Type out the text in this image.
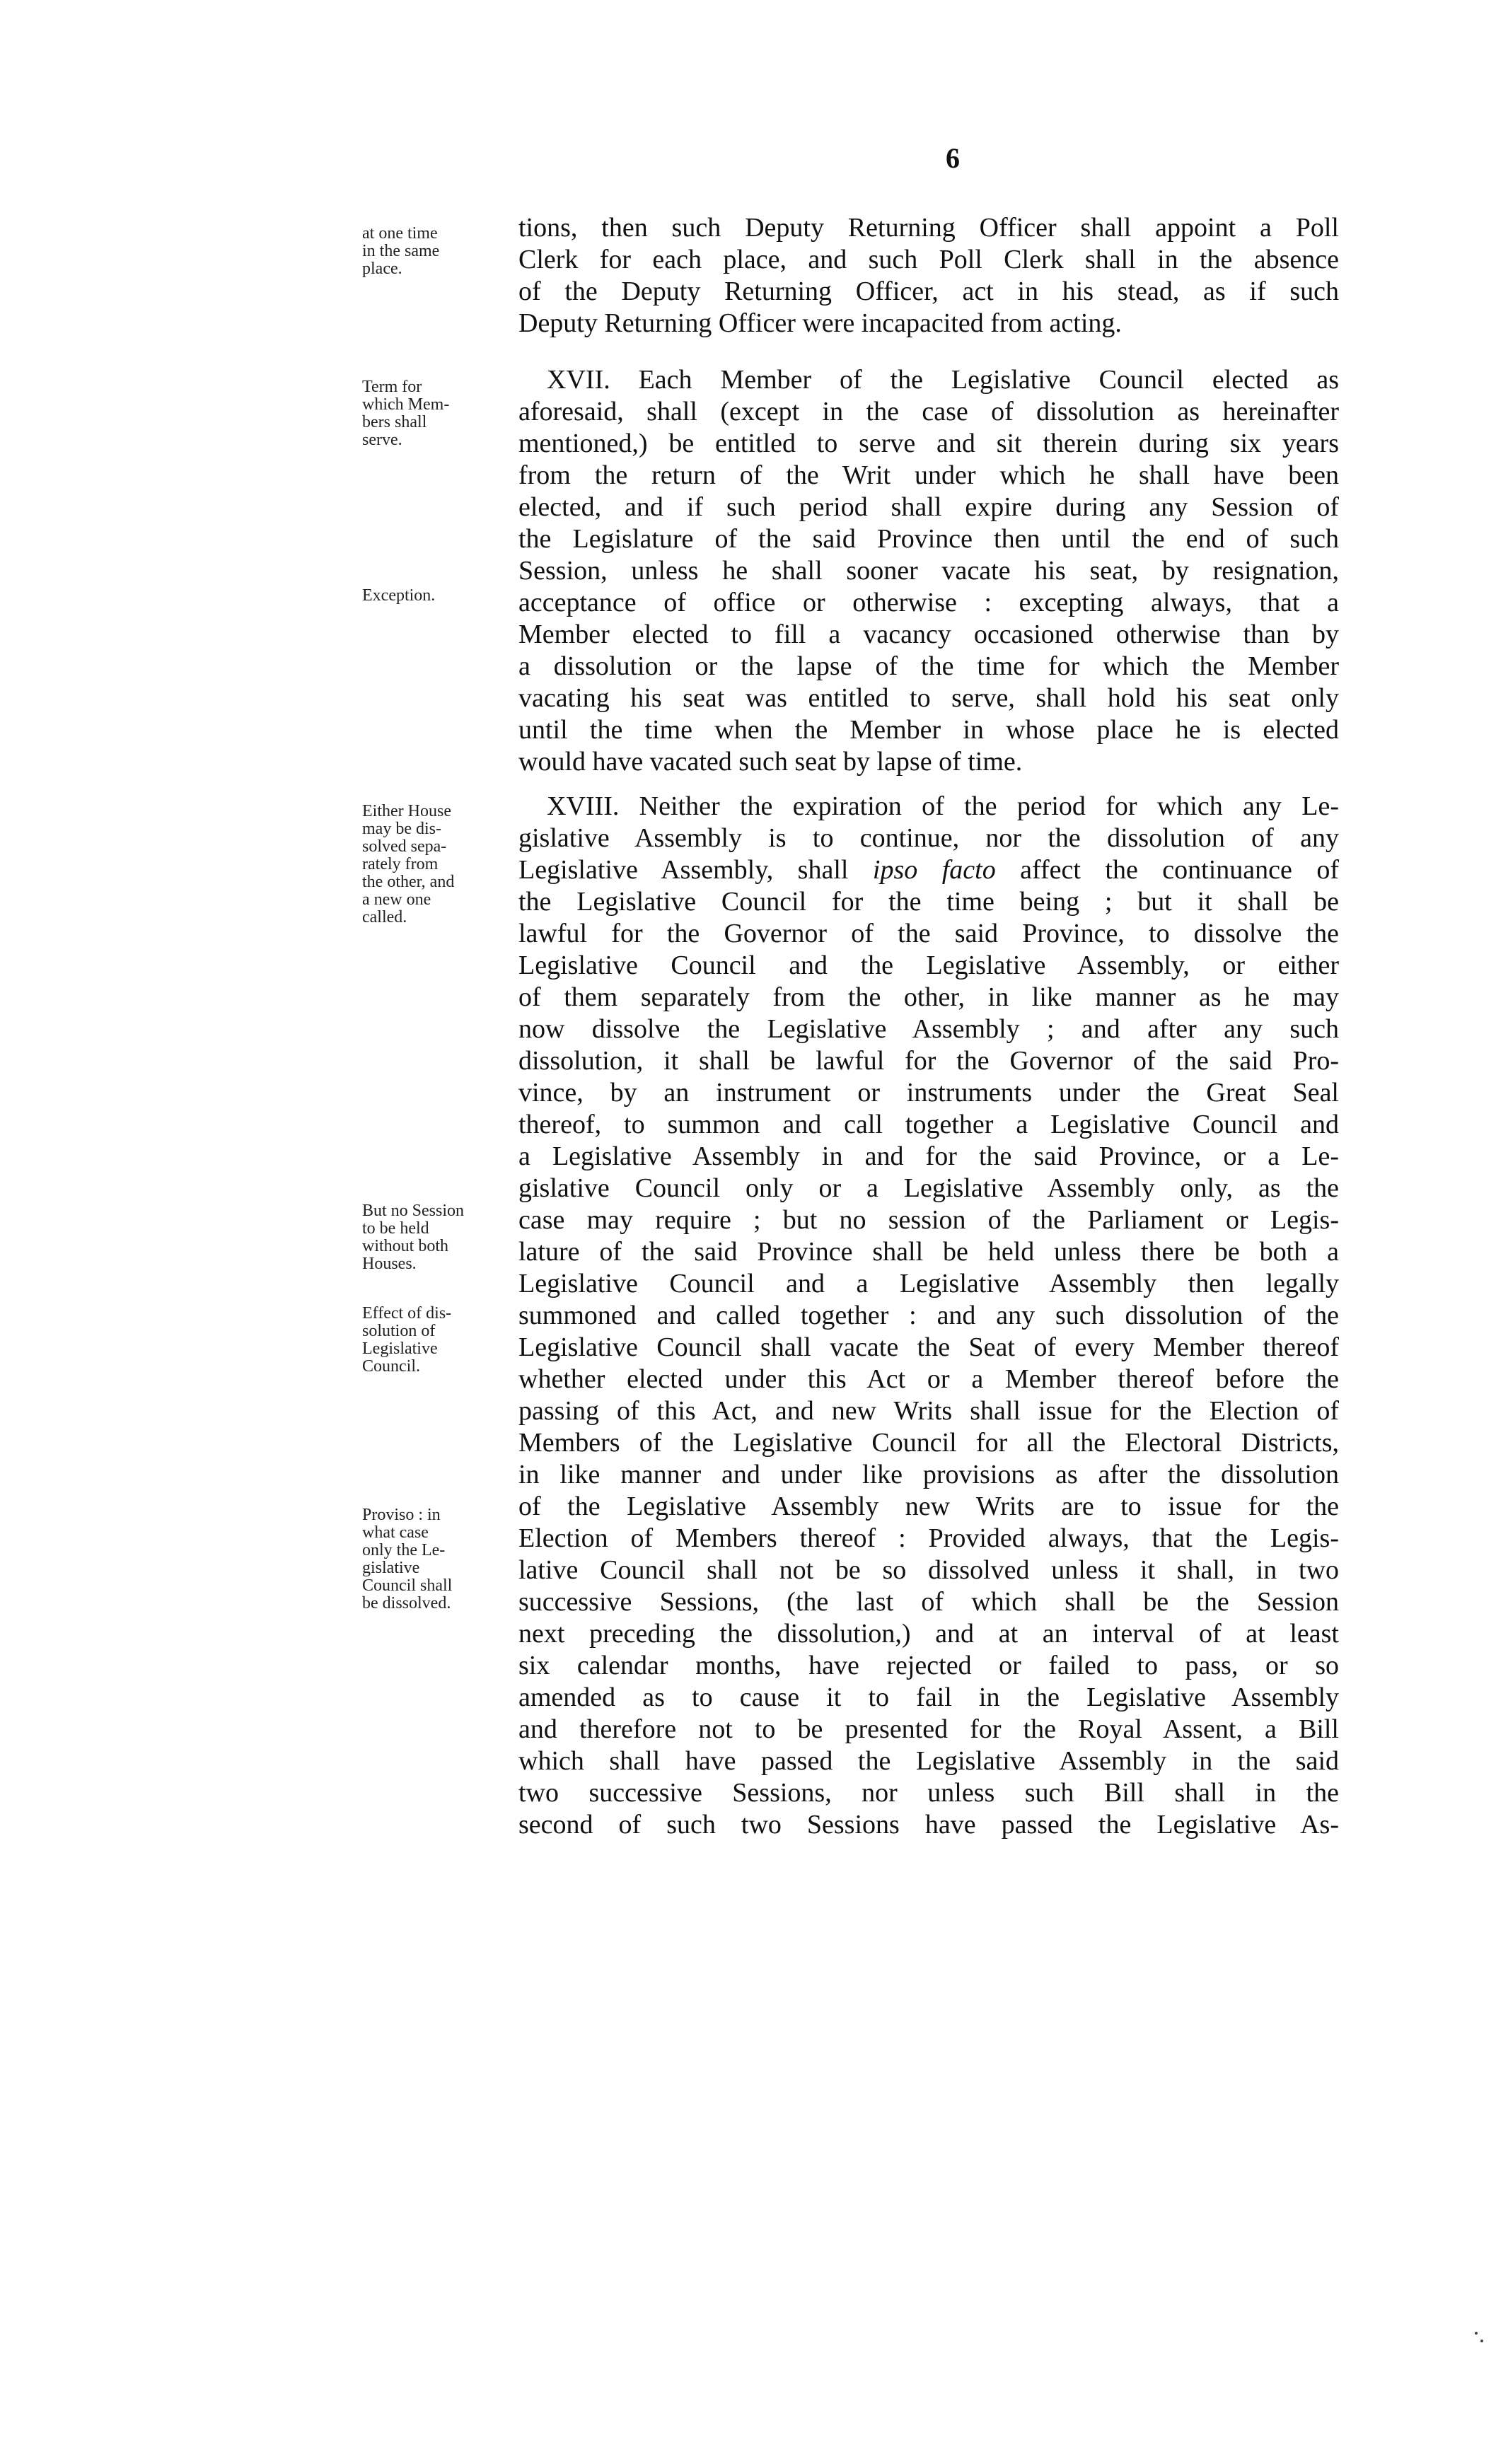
6
at one time
in the same
place.
Term for
which Mem-
bers shall
serve.
Exception.
Either House
may be dis-
solved sepa-
rately from
the other, and
a new one
called.
But no Session
to be held
without both
Houses.
Effect of dis-
solution of
Legislative
Council.
Proviso : in
what case
only the Le-
gislative
Council shall
be dissolved.
tions, then such Deputy Returning Officer shall appoint a Poll
Clerk for each place, and such Poll Clerk shall in the absence
of the Deputy Returning Officer, act in his stead, as if such
Deputy Returning Officer were incapacited from acting.
XVII. Each Member of the Legislative Council elected as
aforesaid, shall (except in the case of dissolution as hereinafter
mentioned,) be entitled to serve and sit therein during six years
from the return of the Writ under which he shall have been
elected, and if such period shall expire during any Session of
the Legislature of the said Province then until the end of such
Session, unless he shall sooner vacate his seat, by resignation,
acceptance of office or otherwise : excepting always, that a
Member elected to fill a vacancy occasioned otherwise than by
a dissolution or the lapse of the time for which the Member
vacating his seat was entitled to serve, shall hold his seat only
until the time when the Member in whose place he is elected
would have vacated such seat by lapse of time.
XVIII. Neither the expiration of the period for which any Le-
gislative Assembly is to continue, nor the dissolution of any
Legislative Assembly, shall ipso facto affect the continuance of
the Legislative Council for the time being ; but it shall be
lawful for the Governor of the said Province, to dissolve the
Legislative Council and the Legislative Assembly, or either
of them separately from the other, in like manner as he may
now dissolve the Legislative Assembly ; and after any such
dissolution, it shall be lawful for the Governor of the said Pro-
vince, by an instrument or instruments under the Great Seal
thereof, to summon and call together a Legislative Council and
a Legislative Assembly in and for the said Province, or a Le-
gislative Council only or a Legislative Assembly only, as the
case may require ; but no session of the Parliament or Legis-
lature of the said Province shall be held unless there be both a
Legislative Council and a Legislative Assembly then legally
summoned and called together : and any such dissolution of the
Legislative Council shall vacate the Seat of every Member thereof
whether elected under this Act or a Member thereof before the
passing of this Act, and new Writs shall issue for the Election of
Members of the Legislative Council for all the Electoral Districts,
in like manner and under like provisions as after the dissolution
of the Legislative Assembly new Writs are to issue for the
Election of Members thereof : Provided always, that the Legis-
lative Council shall not be so dissolved unless it shall, in two
successive Sessions, (the last of which shall be the Session
next preceding the dissolution,) and at an interval of at least
six calendar months, have rejected or failed to pass, or so
amended as to cause it to fail in the Legislative Assembly
and therefore not to be presented for the Royal Assent, a Bill
which shall have passed the Legislative Assembly in the said
two successive Sessions, nor unless such Bill shall in the
second of such two Sessions have passed the Legislative As-
